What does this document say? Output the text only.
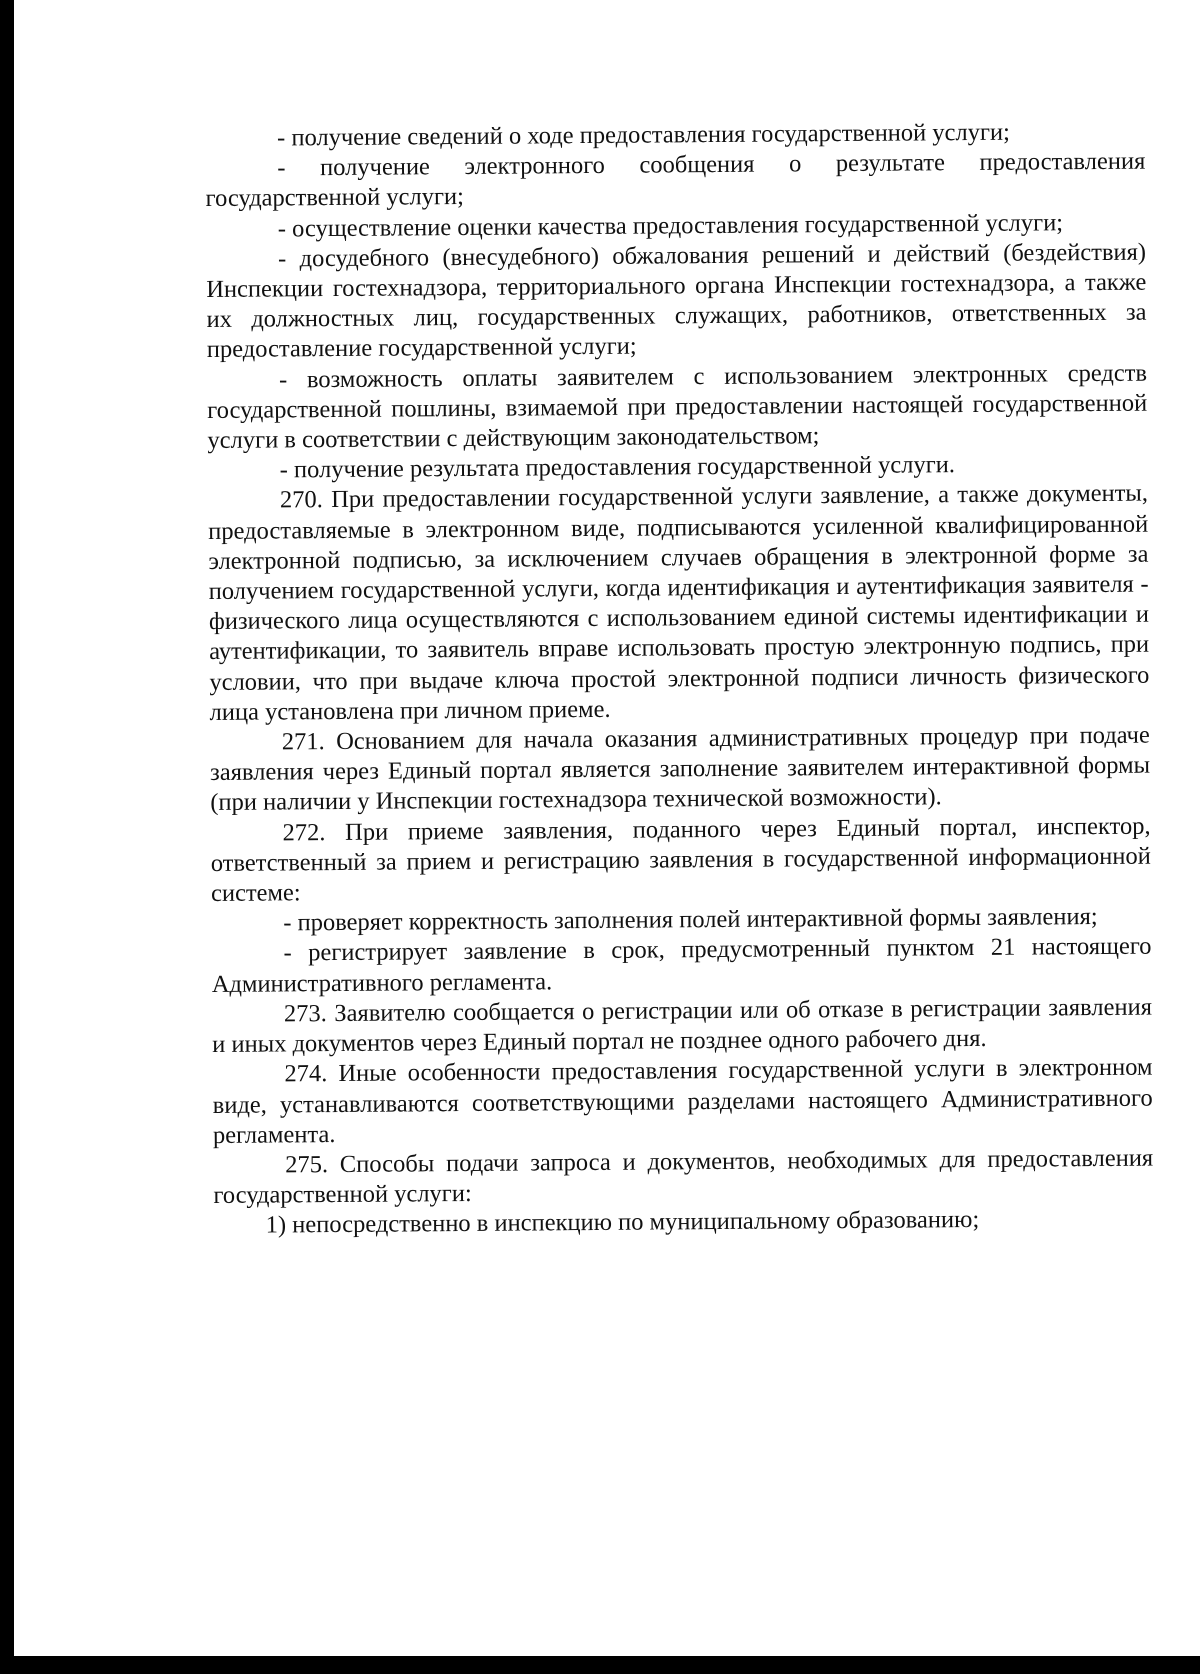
- получение сведений о ходе предоставления государственной услуги;

- получение электронного сообщения о результате предоставления государственной услуги;

- осуществление оценки качества предоставления государственной услуги;

- досудебного (внесудебного) обжалования решений и действий (бездействия) Инспекции гостехнадзора, территориального органа Инспекции гостехнадзора, а также их должностных лиц, государственных служащих, работников, ответственных за предоставление государственной услуги;

- возможность оплаты заявителем с использованием электронных средств государственной пошлины, взимаемой при предоставлении настоящей государственной услуги в соответствии с действующим законодательством;

- получение результата предоставления государственной услуги.

270. При предоставлении государственной услуги заявление, а также документы, предоставляемые в электронном виде, подписываются усиленной квалифицированной электронной подписью, за исключением случаев обращения в электронной форме за получением государственной услуги, когда идентификация и аутентификация заявителя - физического лица осуществляются с использованием единой системы идентификации и аутентификации, то заявитель вправе использовать простую электронную подпись, при условии, что при выдаче ключа простой электронной подписи личность физического лица установлена при личном приеме.

271. Основанием для начала оказания административных процедур при подаче заявления через Единый портал является заполнение заявителем интерактивной формы (при наличии у Инспекции гостехнадзора технической возможности).

272. При приеме заявления, поданного через Единый портал, инспектор, ответственный за прием и регистрацию заявления в государственной информационной системе:

- проверяет корректность заполнения полей интерактивной формы заявления;

- регистрирует заявление в срок, предусмотренный пунктом 21 настоящего Административного регламента.

273. Заявителю сообщается о регистрации или об отказе в регистрации заявления и иных документов через Единый портал не позднее одного рабочего дня.

274. Иные особенности предоставления государственной услуги в электронном виде, устанавливаются соответствующими разделами настоящего Административного регламента.

275. Способы подачи запроса и документов, необходимых для предоставления государственной услуги:

1) непосредственно в инспекцию по муниципальному образованию;
